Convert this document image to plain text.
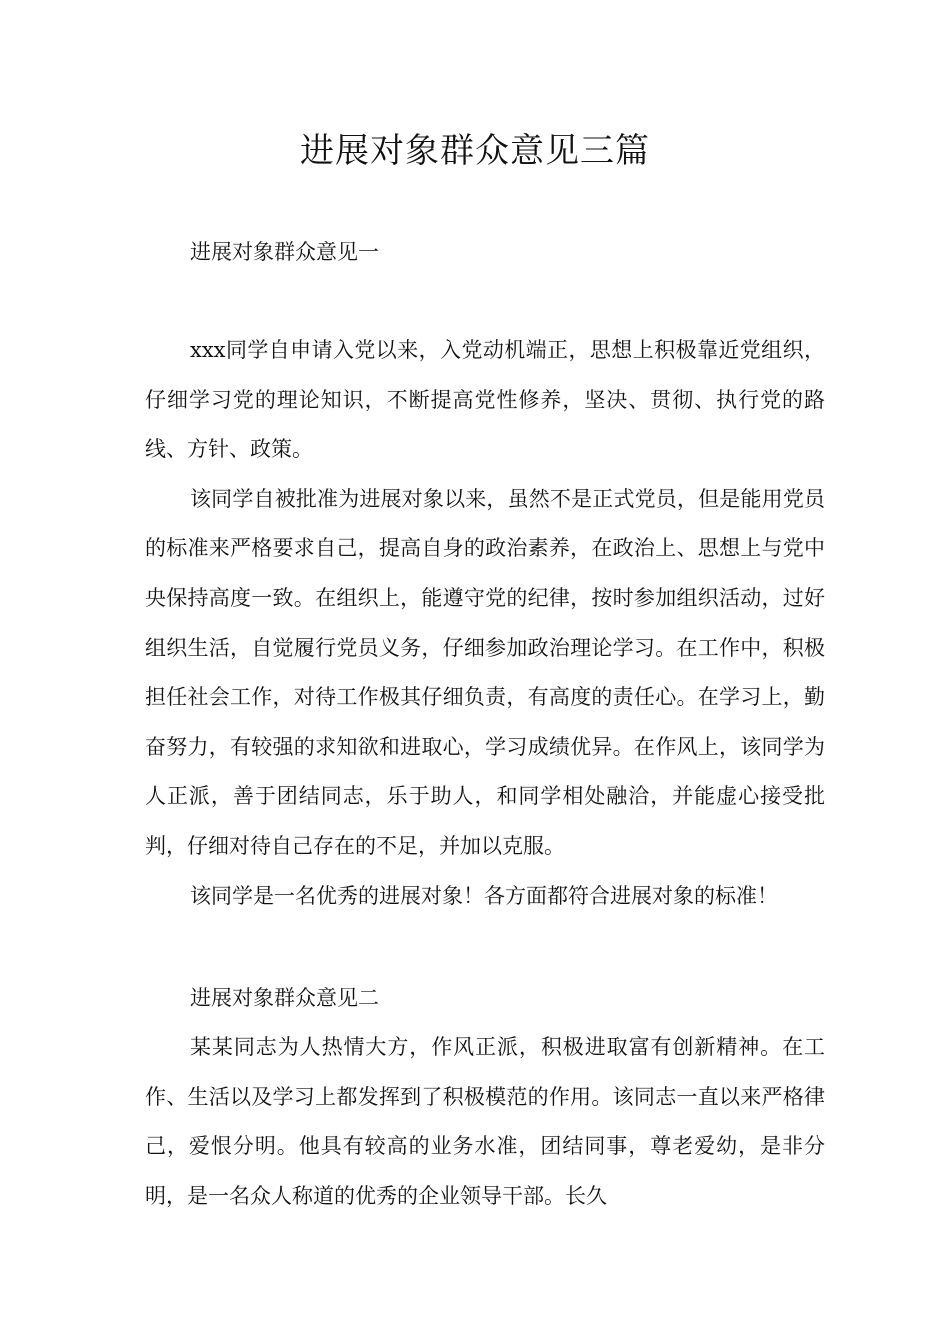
进展对象群众意见三篇
进展对象群众意见一

xxx同学自申请入党以来，入党动机端正，思想上积极靠近党组织，仔细学习党的理论知识，不断提高党性修养，坚决、贯彻、执行党的路线、方针、政策。

该同学自被批准为进展对象以来，虽然不是正式党员，但是能用党员的标准来严格要求自己，提高自身的政治素养，在政治上、思想上与党中央保持高度一致。在组织上，能遵守党的纪律，按时参加组织活动，过好组织生活，自觉履行党员义务，仔细参加政治理论学习。在工作中，积极担任社会工作，对待工作极其仔细负责，有高度的责任心。在学习上，勤奋努力，有较强的求知欲和进取心，学习成绩优异。在作风上，该同学为人正派，善于团结同志，乐于助人，和同学相处融洽，并能虚心接受批判，仔细对待自己存在的不足，并加以克服。

该同学是一名优秀的进展对象！各方面都符合进展对象的标准！

进展对象群众意见二

某某同志为人热情大方，作风正派，积极进取富有创新精神。在工作、生活以及学习上都发挥到了积极模范的作用。该同志一直以来严格律己，爱恨分明。他具有较高的业务水准，团结同事，尊老爱幼，是非分明，是一名众人称道的优秀的企业领导干部。长久
